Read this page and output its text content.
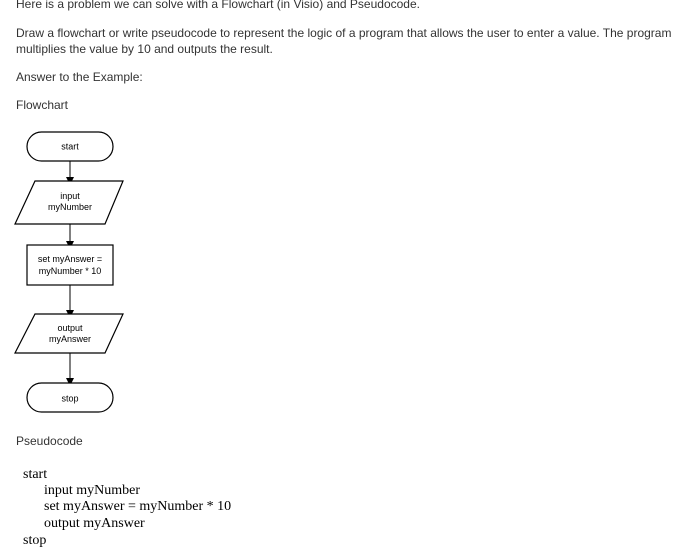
Here is a problem we can solve with a Flowchart (in Visio) and Pseudocode.

Draw a flowchart or write pseudocode to represent the logic of a program that allows the user to enter a value. The program multiplies the value by 10 and outputs the result.

Answer to the Example:

Flowchart

start
input
myNumber
set myAnswer =
myNumber * 10
output
myAnswer
stop

Pseudocode

start

input myNumber

set myAnswer = myNumber * 10

output myAnswer

stop
